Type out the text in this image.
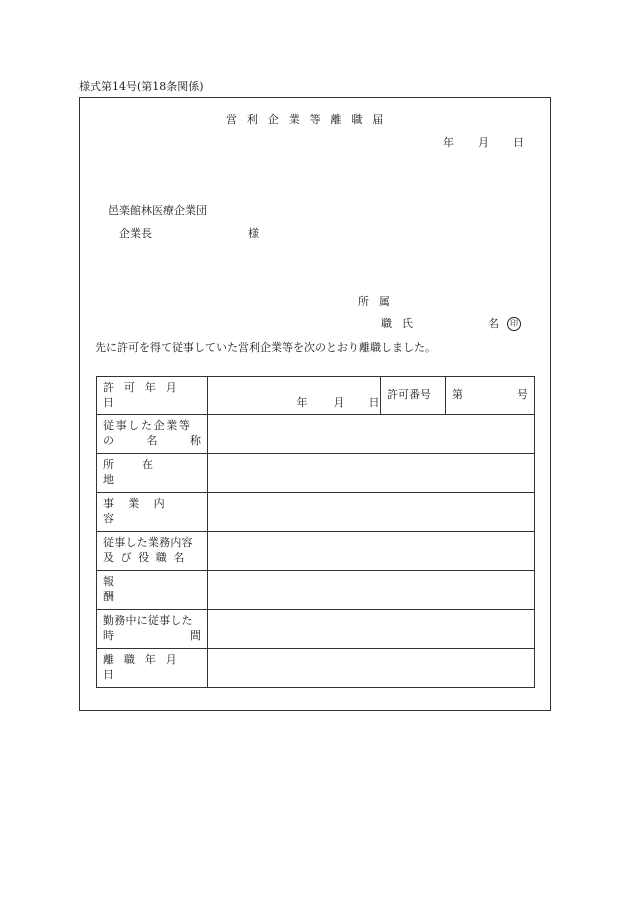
様式第14号(第18条関係)
営利企業等離職届
年 月 日
邑楽館林医療企業団
企業長	様
所属
職氏	名	印
先に許可を得て従事していた営利企業等を次のとおり離職しました。
許可年月日	年 月 日	許可番号	第 号

従事した企業等
の 名 称			

所在地			

事業内容			

従事した業務内容
及び役職名			

報酬			

勤務中に従事した
時 間			

離職年月日			
